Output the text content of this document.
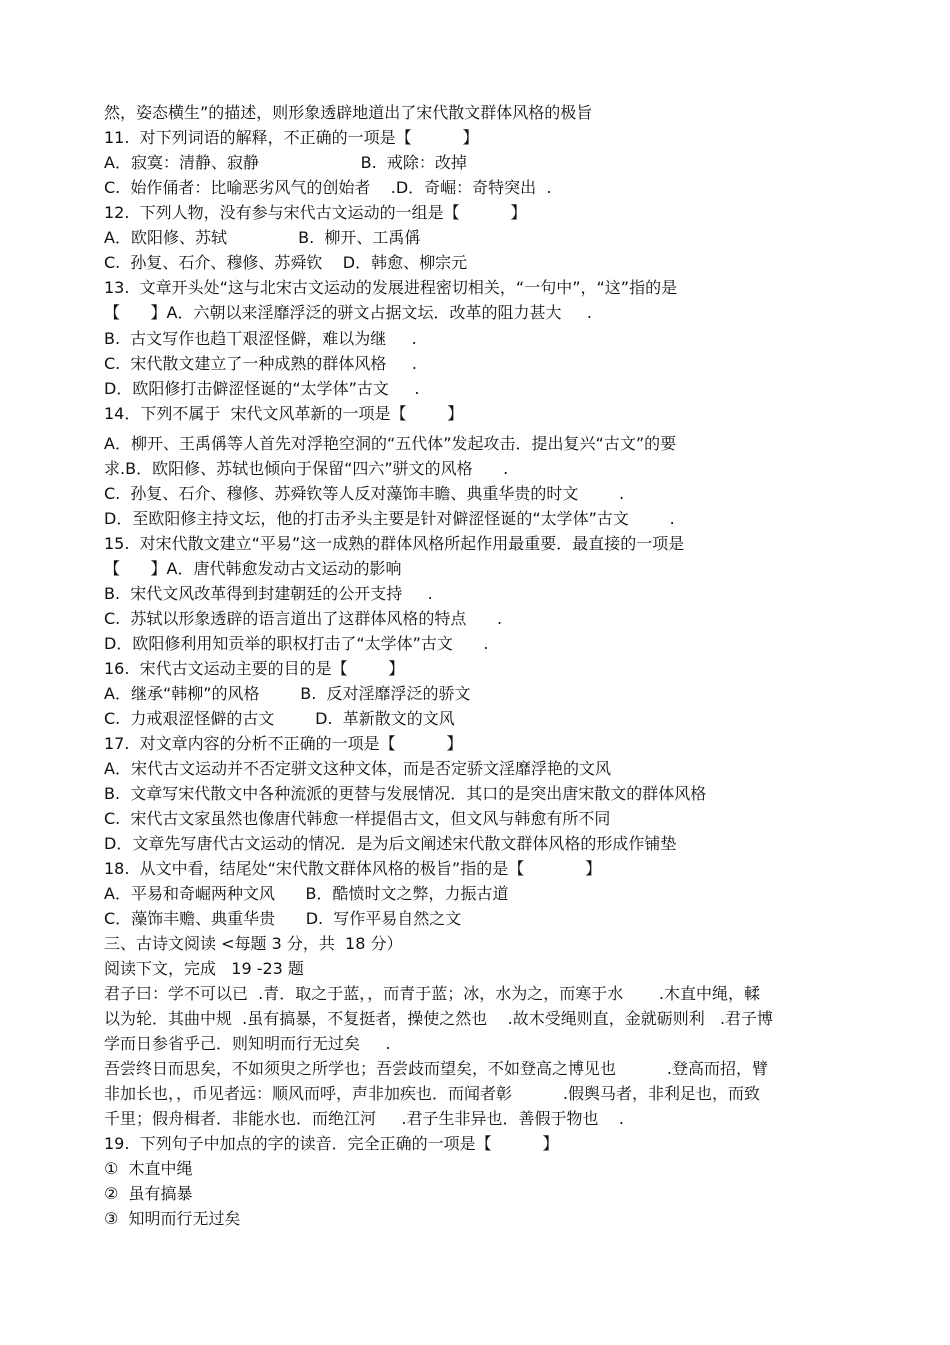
然，姿态横生”的描述，则形象透辟地道出了宋代散文群体风格的极旨
11.  对下列词语的解释，不正确的一项是【          】
A．寂寞：清静、寂静                    B.  戒除：改掉
C.  始作俑者：比喻恶劣风气的创始者    .D．奇崛：奇特突出  .
12.  下列人物，没有参与宋代古文运动的一组是【          】
A．欧阳修、苏轼              B.  柳开、工禹偁
C.  孙复、石介、穆修、苏舜钦    D．韩愈、柳宗元
13.  文章开头处“这与北宋古文运动的发展进程密切相关，“一句中”，“这”指的是
【      】A．六朝以来淫靡浮泛的骈文占据文坛．改革的阻力甚大     .
B.  古文写作也趋丅艰涩怪僻，难以为继     .
C.  宋代散文建立了一种成熟的群体风格     .
D．欧阳修打击僻涩怪诞的“太学体”古文     .
14．下列不属于  宋代文风革新的一项是【        】
A．柳开、王禹偁等人首先对浮艳空洞的“五代体”发起攻击．提出复兴“古文”的要
求.B．欧阳修、苏轼也倾向于保留“四六”骈文的风格      .
C.  孙复、石介、穆修、苏舜钦等人反对藻饰丰瞻、典重华贵的时文        .
D．至欧阳修主持文坛，他的打击矛头主要是针对僻涩怪诞的“太学体”古文        .
15.  对宋代散文建立“平易”这一成熟的群体风格所起作用最重要．最直接的一项是
【      】A．唐代韩愈发动古文运动的影响
B.  宋代文风改革得到封建朝廷的公开支持     .
C.  苏轼以形象透辟的语言道出了这群体风格的特点      .
D．欧阳修利用知贡举的职权打击了“太学体”古文      .
16.  宋代古文运动主要的目的是【        】
A．继承“韩柳”的风格        B.  反对淫靡浮泛的骄文
C.  力戒艰涩怪僻的古文        D.  革新散文的文风
17.  对文章内容的分析不正确的一项是【          】
A．宋代古文运动并不否定骈文这种文体，而是否定骄文淫靡浮艳的文风
B.  文章写宋代散文中各种流派的更替与发展情况．其口的是突出唐宋散文的群体风格
C.  宋代古文家虽然也像唐代韩愈一样提倡古文，但文风与韩愈有所不同
D．文章先写唐代古文运动的情况．是为后文阐述宋代散文群体风格的形成作铺垫
18.  从文中看，结尾处“宋代散文群体风格的极旨”指的是【            】
A．平易和奇崛两种文风      B．酷愤时文之弊，力振古道
C．藻饰丰赡、典重华贵      D.  写作平易自然之文
三、古诗文阅读 <每题 3 分，共  18 分）
阅读下文，完成   19 -23 题
君子曰：学不可以已  .青．取之于蓝，，而青于蓝；冰，水为之，而寒于水       .木直中绳，輮
以为轮．其曲中规  .虽有搞暴，不复挺者，操使之然也    .故木受绳则直，金就砺则利   .君子博
学而日参省乎己．则知明而行无过矣     .
吾尝终日而思矣，不如须臾之所学也；吾尝歧而望矣，不如登高之博见也          .登高而招，臂
非加长也，，币见者远：顺风而呼，声非加疾也．而闻者彰          .假舆马者，非利足也，而致
千里；假舟楫者．非能水也．而绝江河     .君子生非异也．善假于物也    .
19.  下列句子中加点的字的读音．完全正确的一项是【          】
①  木直中绳
②  虽有搞暴
③  知明而行无过矣
